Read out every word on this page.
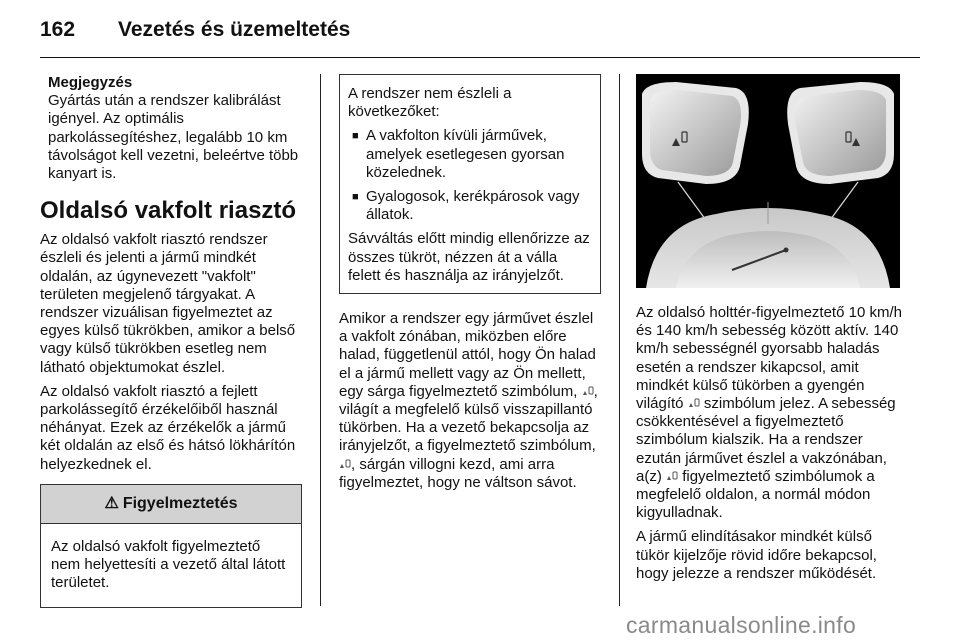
162 Vezetés és üzemeltetés
Megjegyzés

Gyártás után a rendszer kalibrálást igényel. Az optimális parkolássegítéshez, legalább 10 km távolságot kell vezetni, beleértve több kanyart is.

Oldalsó vakfolt riasztó

Az oldalsó vakfolt riasztó rendszer észleli és jelenti a jármű mindkét oldalán, az úgynevezett "vakfolt" területen megjelenő tárgyakat. A rendszer vizuálisan figyelmeztet az egyes külső tükrökben, amikor a belső vagy külső tükrökben esetleg nem látható objektumokat észlel.

Az oldalsó vakfolt riasztó a fejlett parkolássegítő érzékelőiből használ néhányat. Ezek az érzékelők a jármű két oldalán az első és hátsó lökhárítón helyezkednek el.

⚠ Figyelmeztetés
Az oldalsó vakfolt figyelmeztető nem helyettesíti a vezető által látott területet.

A rendszer nem észleli a következőket:

■ A vakfolton kívüli járművek, amelyek esetlegesen gyorsan közelednek.
■ Gyalogosok, kerékpárosok vagy állatok.

Sávváltás előtt mindig ellenőrizze az összes tükröt, nézzen át a válla felett és használja az irányjelzőt.

Amikor a rendszer egy járművet észlel a vakfolt zónában, miközben előre halad, függetlenül attól, hogy Ön halad el a jármű mellett vagy az Ön mellett, egy sárga figyelmeztető szimbólum, , világít a megfelelő külső visszapillantó tükörben. Ha a vezető bekapcsolja az irányjelzőt, a figyelmeztető szimbólum, , sárgán villogni kezd, ami arra figyelmeztet, hogy ne váltson sávot.

Az oldalsó holttér-figyelmeztető 10 km/h és 140 km/h sebesség között aktív. 140 km/h sebességnél gyorsabb haladás esetén a rendszer kikapcsol, amit mindkét külső tükörben a gyengén világító szimbólum jelez. A sebesség csökkentésével a figyelmeztető szimbólum kialszik. Ha a rendszer ezután járművet észlel a vakzónában, a(z) figyelmeztető szimbólumok a megfelelő oldalon, a normál módon kigyulladnak.

A jármű elindításakor mindkét külső tükör kijelzője rövid időre bekapcsol, hogy jelezze a rendszer működését.

carmanualsonline.info
